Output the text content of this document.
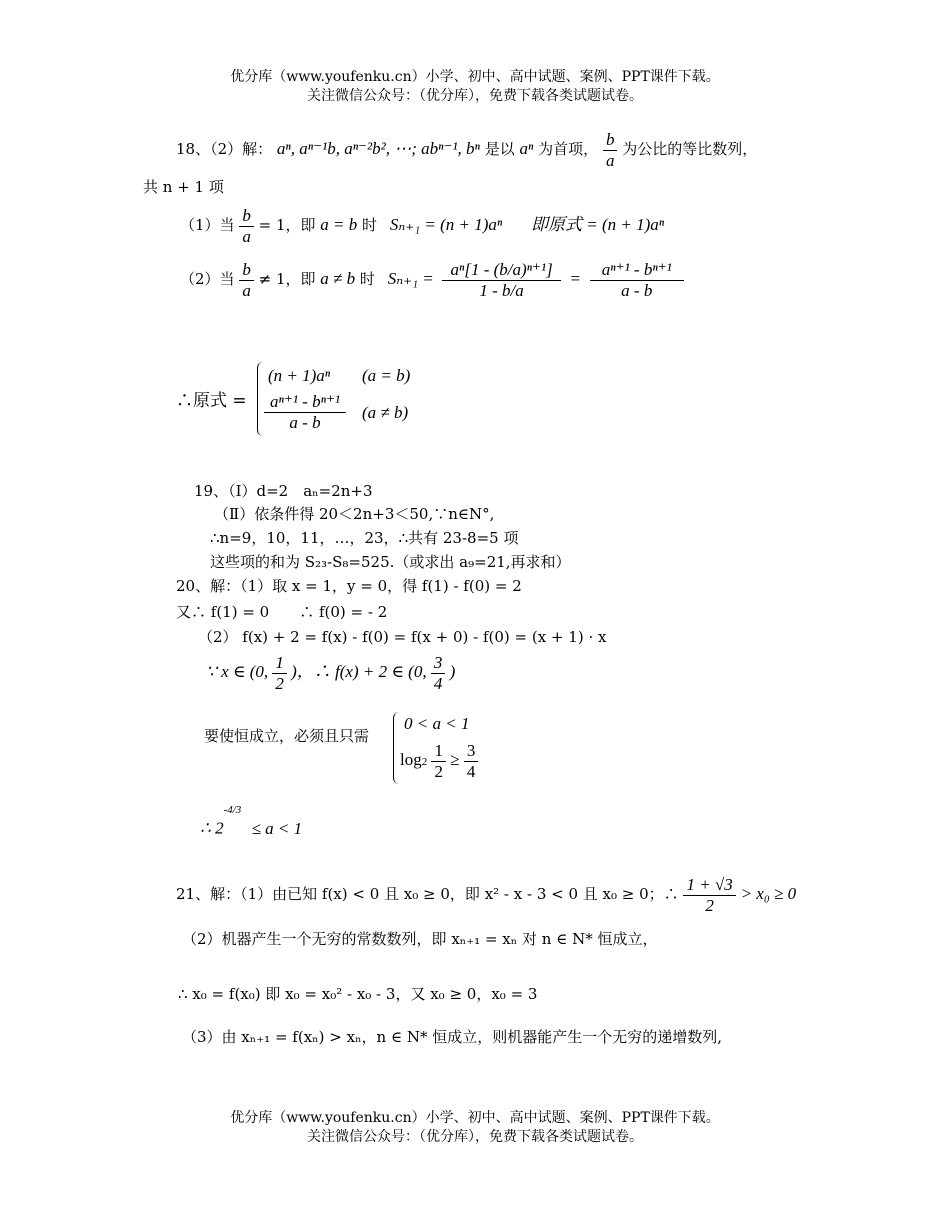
优分库（www.youfenku.cn）小学、初中、高中试题、案例、PPT课件下载。
关注微信公众号：（优分库），免费下载各类试题试卷。
18、（2）解： aⁿ, aⁿ⁻¹b, aⁿ⁻²b², ⋯; abⁿ⁻¹, bⁿ 是以 aⁿ 为首项， $\frac{b}{a}$ 为公比的等比数列，
共 n + 1 项
（1）当 $\frac{b}{a} = 1$，即 a = b 时 Sₙ₊₁ = (n + 1)aⁿ 即原式 = (n + 1)aⁿ
（2）当 $\frac{b}{a} \ne 1$，即 a ≠ b 时 $S_{n+1} = \frac{\text{aⁿ[1 - (b/a)ⁿ⁺¹]}}{1 - b/a} = \frac{\text{aⁿ⁺¹ - bⁿ⁺¹}}{a - b}$
∴原式 =
(n + 1)aⁿ (a = b)
$\frac{\text{aⁿ⁺¹ - bⁿ⁺¹}}{a - b} (a \ne b)$
19、（Ⅰ）d=2　aₙ=2n+3
（Ⅱ）依条件得 20＜2n+3＜50,∵n∈N°,
∴n=9，10，11，…，23，∴共有 23-8=5 项
这些项的和为 S₂₃-S₈=525.（或求出 a₉=21,再求和）
20、解：（1）取 x = 1，y = 0，得 f(1) - f(0) = 2
又∴ f(1) = 0　　∴ f(0) = - 2
（2） f(x) + 2 = f(x) - f(0) = f(x + 0) - f(0) = (x + 1) · x
∵ x ∈ (0, $\frac{1}{2}$ )，∴ f(x) + 2 ∈ (0, $\frac{3}{4}$ )
要使恒成立，必须且只需
0 < a < 1
$\log 2 \frac{1}{2} \ge \frac{3}{4}$
∴ $2^{-4/3} \le a < 1$
21、解：（1）由已知 f(x) < 0 且 x₀ ≥ 0，即 x² - x - 3 < 0 且 x₀ ≥ 0；∴ $\frac{1 + √3}{2} > x_0 \ge 0$
（2）机器产生一个无穷的常数数列，即 xₙ₊₁ = xₙ 对 n ∈ N* 恒成立，
∴ x₀ = f(x₀) 即 x₀ = x₀² - x₀ - 3，又 x₀ ≥ 0，x₀ = 3
（3）由 xₙ₊₁ = f(xₙ) > xₙ，n ∈ N* 恒成立，则机器能产生一个无穷的递增数列,
优分库（www.youfenku.cn）小学、初中、高中试题、案例、PPT课件下载。
关注微信公众号：（优分库），免费下载各类试题试卷。
